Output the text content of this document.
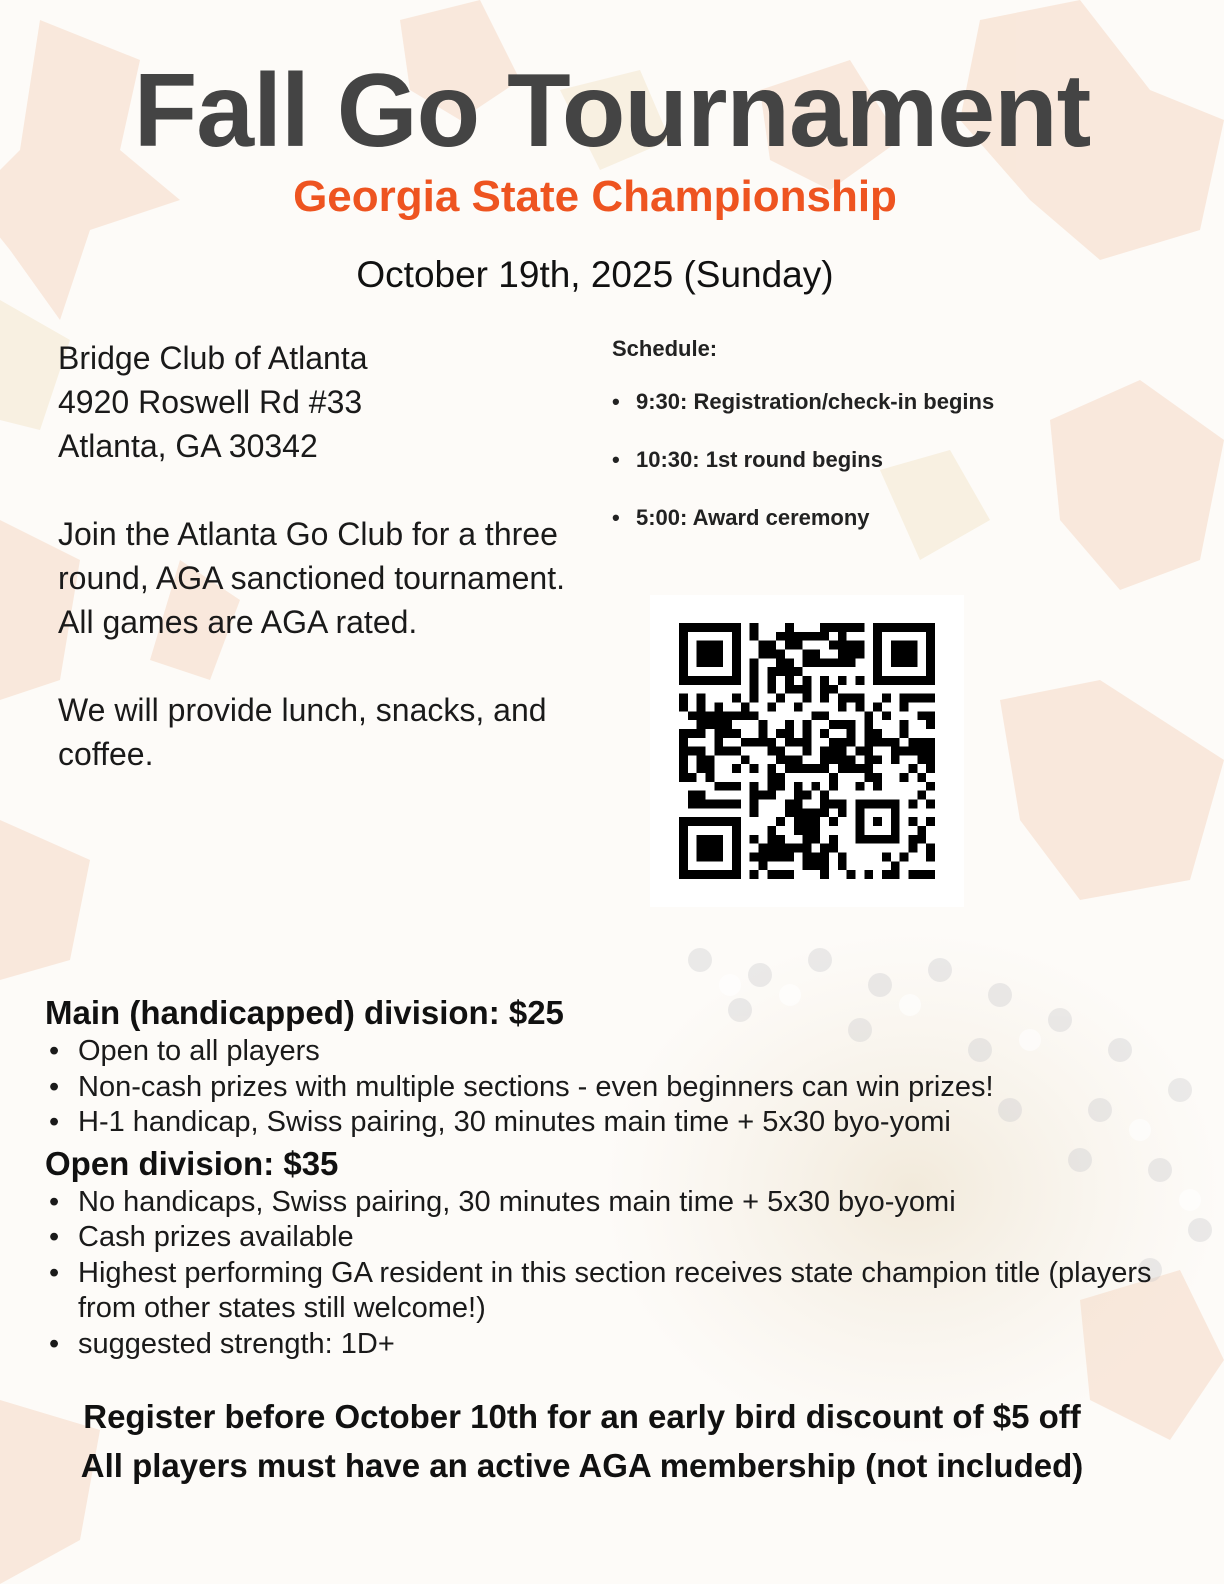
Fall Go Tournament
Georgia State Championship
October 19th, 2025 (Sunday)

Bridge Club of Atlanta

4920 Roswell Rd #33

Atlanta, GA 30342

Join the Atlanta Go Club for a three round, AGA sanctioned tournament. All games are AGA rated.

We will provide lunch, snacks, and coffee.

Schedule:

• 9:30: Registration/check-in begins
• 10:30: 1st round begins
• 5:00: Award ceremony

Main (handicapped) division: $25

• Open to all players
• Non-cash prizes with multiple sections - even beginners can win prizes!
• H-1 handicap, Swiss pairing, 30 minutes main time + 5x30 byo-yomi

Open division: $35

• No handicaps, Swiss pairing, 30 minutes main time + 5x30 byo-yomi
• Cash prizes available
• Highest performing GA resident in this section receives state champion title (players from other states still welcome!)
• suggested strength: 1D+

Register before October 10th for an early bird discount of $5 off

All players must have an active AGA membership (not included)
